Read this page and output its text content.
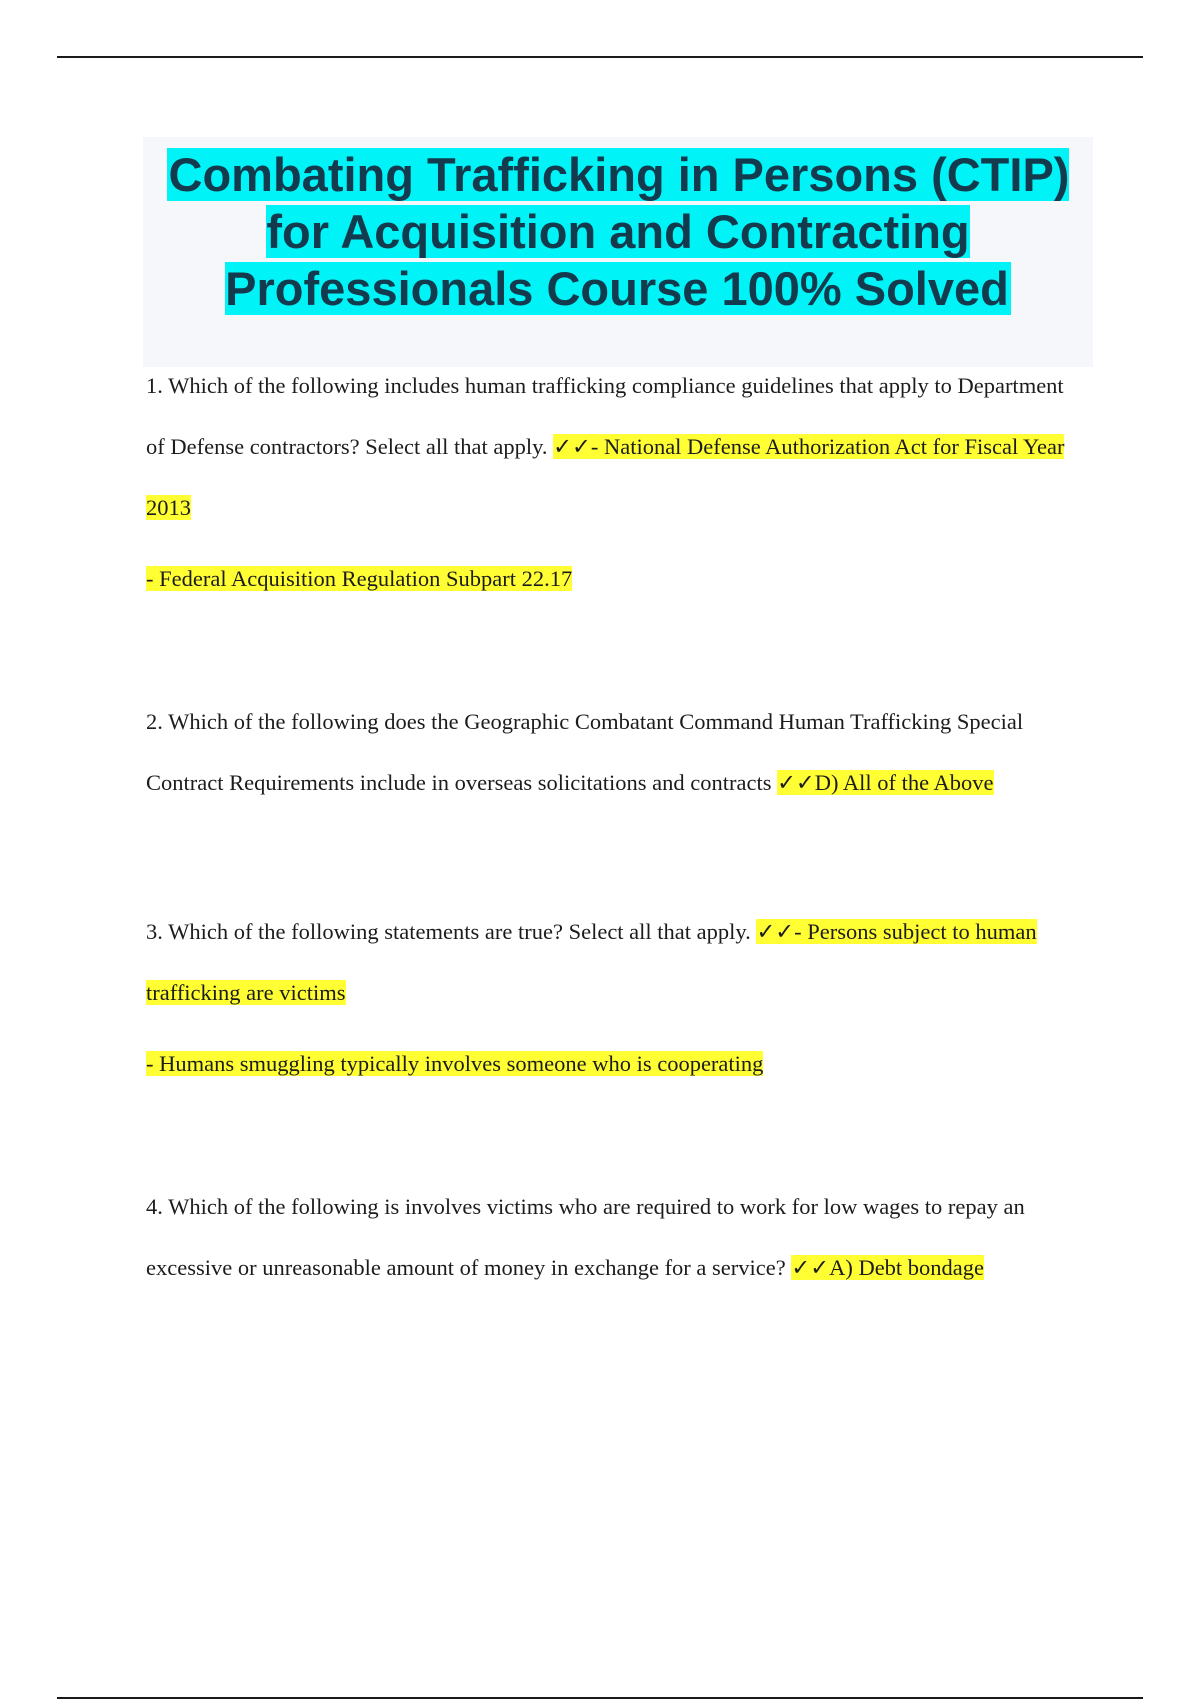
Combating Trafficking in Persons (CTIP) for Acquisition and Contracting Professionals Course 100% Solved

1. Which of the following includes human trafficking compliance guidelines that apply to Department of Defense contractors? Select all that apply. ✓✓- National Defense Authorization Act for Fiscal Year 2013

- Federal Acquisition Regulation Subpart 22.17

2. Which of the following does the Geographic Combatant Command Human Trafficking Special Contract Requirements include in overseas solicitations and contracts ✓✓D) All of the Above

3. Which of the following statements are true? Select all that apply. ✓✓- Persons subject to human trafficking are victims

- Humans smuggling typically involves someone who is cooperating

4. Which of the following is involves victims who are required to work for low wages to repay an excessive or unreasonable amount of money in exchange for a service? ✓✓A) Debt bondage
